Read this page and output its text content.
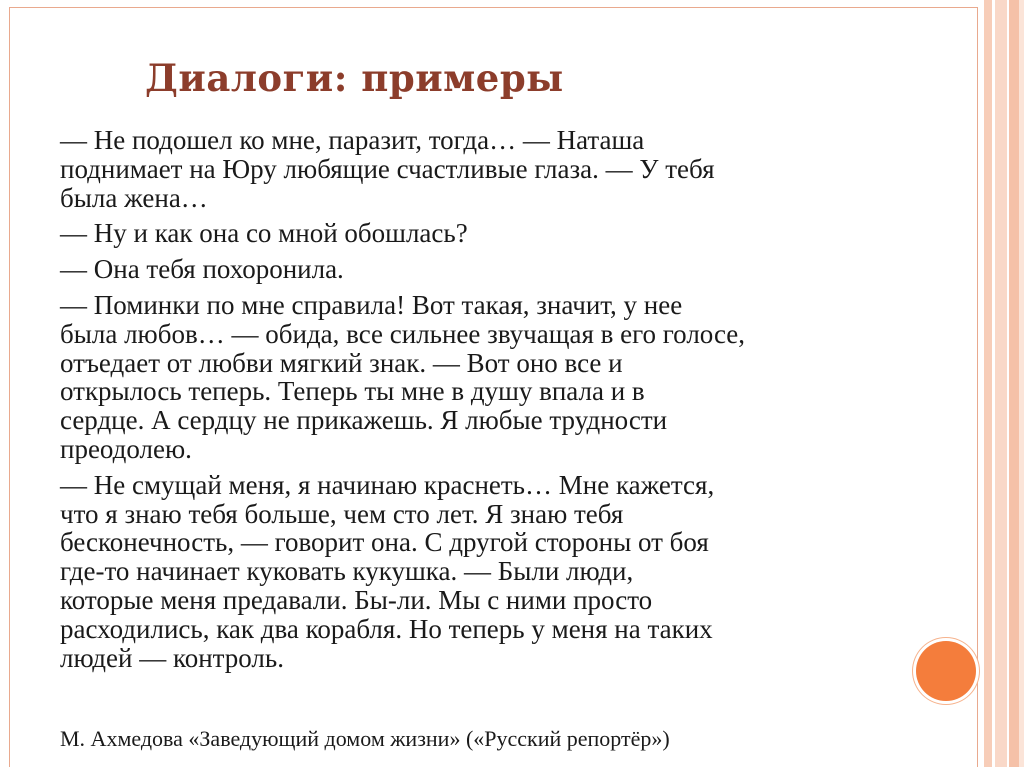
Диалоги: примеры

— Не подошел ко мне, паразит, тогда… — Наташа
поднимает на Юру любящие счастливые глаза. — У тебя
была жена…

— Ну и как она со мной обошлась?

— Она тебя похоронила.

— Поминки по мне справила! Вот такая, значит, у нее
была любов… — обида, все сильнее звучащая в его голосе,
отъедает от любви мягкий знак. — Вот оно все и
открылось теперь. Теперь ты мне в душу впала и в
сердце. А сердцу не прикажешь. Я любые трудности
преодолею.

— Не смущай меня, я начинаю краснеть… Мне кажется,
что я знаю тебя больше, чем сто лет. Я знаю тебя
бесконечность, — говорит она. С другой стороны от боя
где-то начинает куковать кукушка. — Были люди,
которые меня предавали. Бы-ли. Мы с ними просто
расходились, как два корабля. Но теперь у меня на таких
людей — контроль.

М. Ахмедова «Заведующий домом жизни» («Русский репортёр»)
